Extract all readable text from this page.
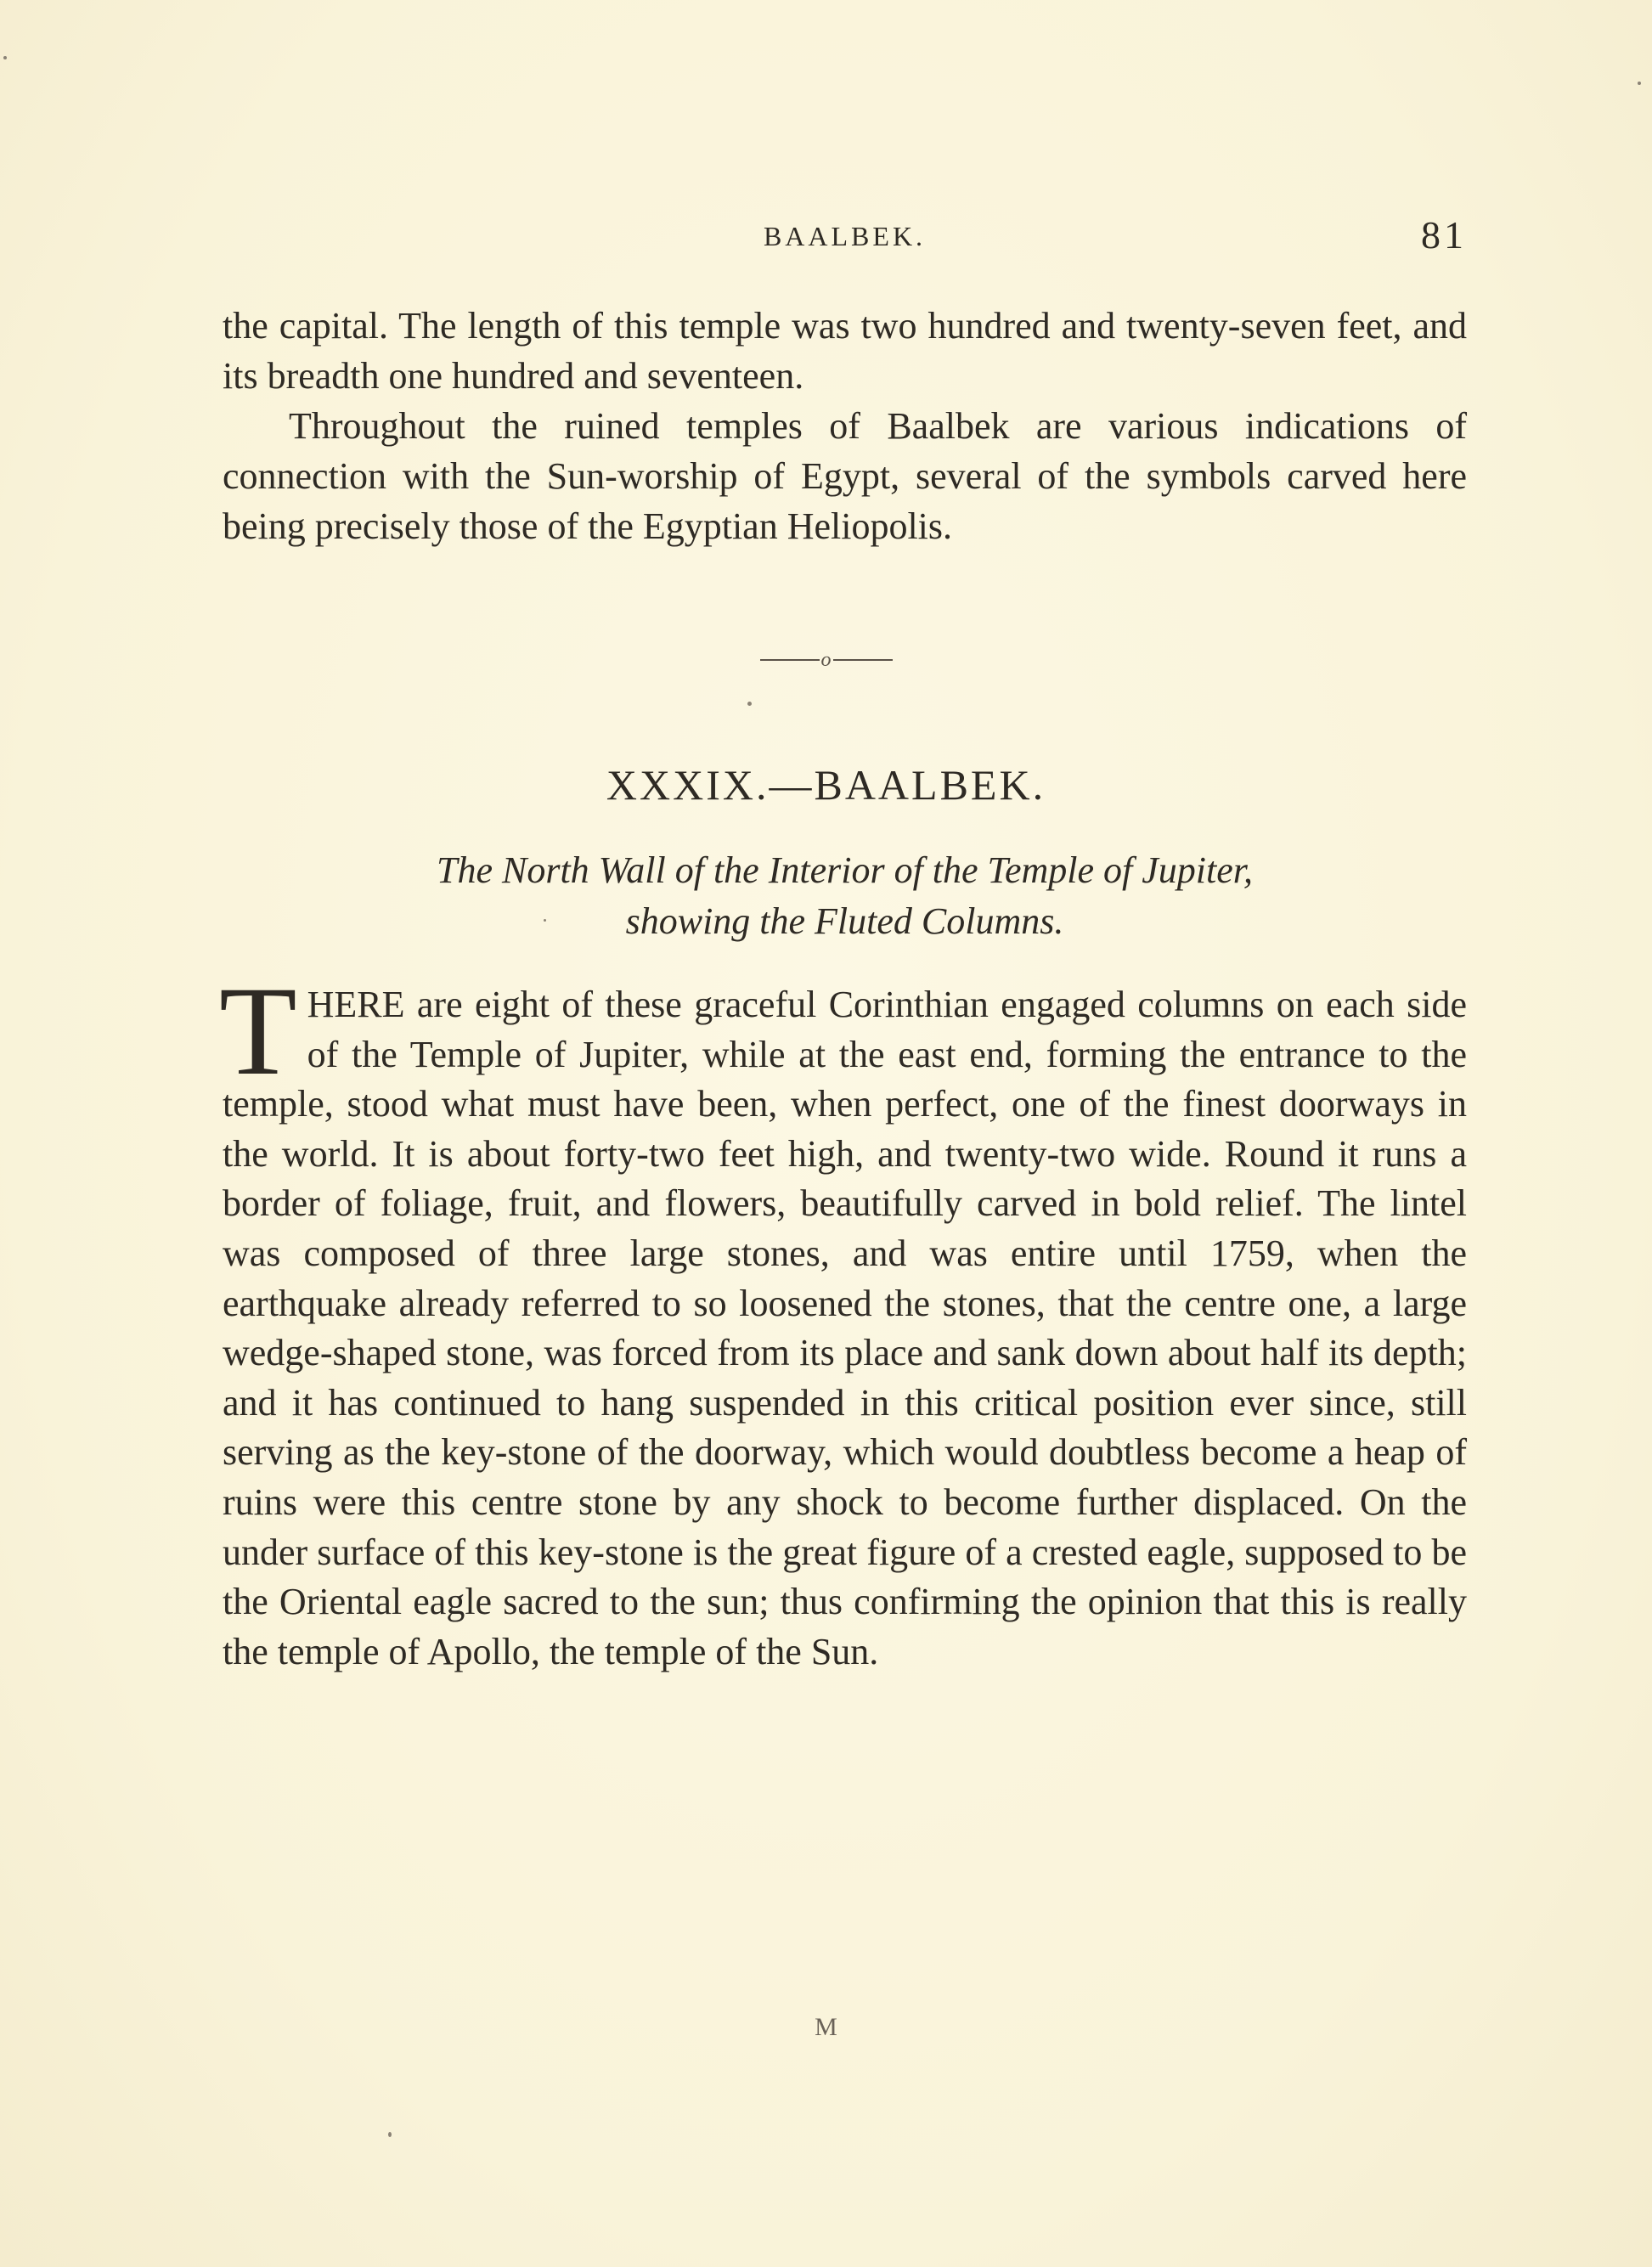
BAALBEK.	81

the capital. The length of this temple was two hundred and twenty-seven feet, and its breadth one hundred and seventeen.

Throughout the ruined temples of Baalbek are various indications of connection with the Sun-worship of Egypt, several of the symbols carved here being precisely those of the Egyptian Heliopolis.

o
XXXIX.—BAALBEK.
The North Wall of the Interior of the Temple of Jupiter,
showing the Fluted Columns.
THERE are eight of these graceful Corinthian engaged columns on each side of the Temple of Jupiter, while at the east end, forming the entrance to the temple, stood what must have been, when perfect, one of the finest doorways in the world. It is about forty-two feet high, and twenty-two wide. Round it runs a border of foliage, fruit, and flowers, beautifully carved in bold relief. The lintel was composed of three large stones, and was entire until 1759, when the earthquake already referred to so loosened the stones, that the centre one, a large wedge-shaped stone, was forced from its place and sank down about half its depth; and it has continued to hang suspended in this critical position ever since, still serving as the key-stone of the doorway, which would doubtless become a heap of ruins were this centre stone by any shock to become further displaced. On the under surface of this key-stone is the great figure of a crested eagle, supposed to be the Oriental eagle sacred to the sun; thus confirming the opinion that this is really the temple of Apollo, the temple of the Sun.
M
